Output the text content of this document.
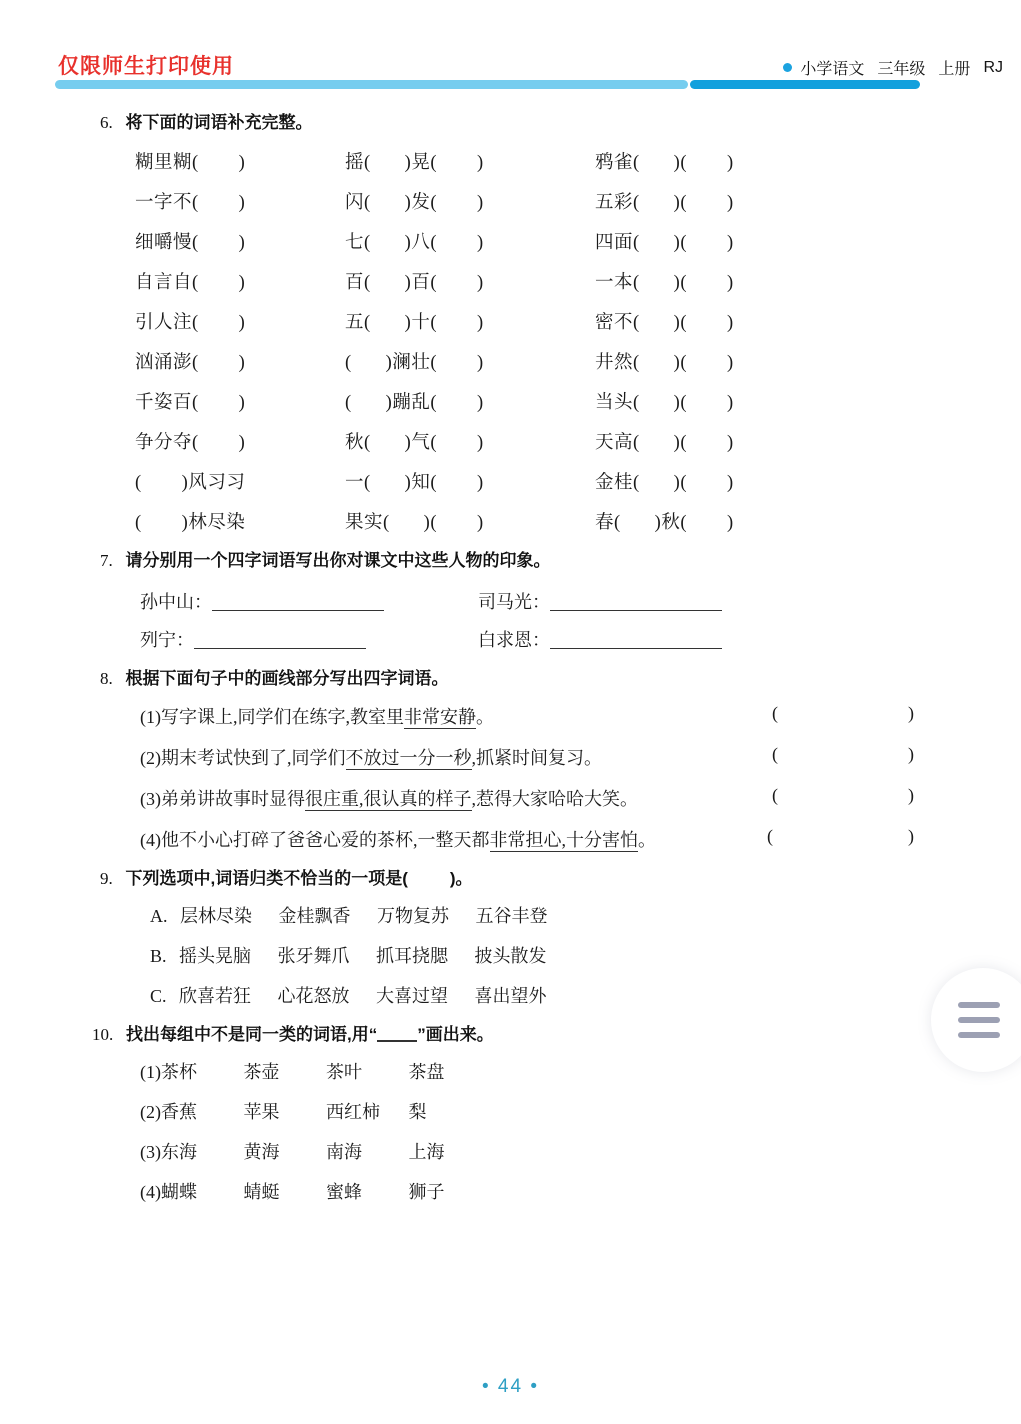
仅限师生打印使用	小学语文 三年级 上册 RJ
6. 将下面的词语补充完整。
糊里糊( )	摇( )晃( )	鸦雀( )( )
一字不( )	闪( )发( )	五彩( )( )
细嚼慢( )	七( )八( )	四面( )( )
自言自( )	百( )百( )	一本( )( )
引人注( )	五( )十( )	密不( )( )
汹涌澎( )	( )澜壮( )	井然( )( )
千姿百( )	( )蹦乱( )	当头( )( )
争分夺( )	秋( )气( )	天高( )( )
( )风习习	一( )知( )	金桂( )( )
( )林尽染	果实( )( )	春( )秋( )
7. 请分别用一个四字词语写出你对课文中这些人物的印象。
孙中山：	司马光：
列宁：	白求恩：
8. 根据下面句子中的画线部分写出四字词语。
(1)写字课上,同学们在练字,教室里非常安静。	(	)
(2)期末考试快到了,同学们不放过一分一秒,抓紧时间复习。	(	)
(3)弟弟讲故事时显得很庄重,很认真的样子,惹得大家哈哈大笑。	(	)
(4)他不小心打碎了爸爸心爱的茶杯,一整天都非常担心,十分害怕。	(	)
9. 下列选项中,词语归类不恰当的一项是( )。
A. 层林尽染 金桂飘香 万物复苏 五谷丰登
B. 摇头晃脑 张牙舞爪 抓耳挠腮 披头散发
C. 欣喜若狂 心花怒放 大喜过望 喜出望外
10. 找出每组中不是同一类的词语,用“ ”画出来。
(1)茶杯	茶壶	茶叶	茶盘
(2)香蕉	苹果	西红柿 梨
(3)东海	黄海	南海	上海
(4)蝴蝶	蜻蜓	蜜蜂	狮子
• 44 •
